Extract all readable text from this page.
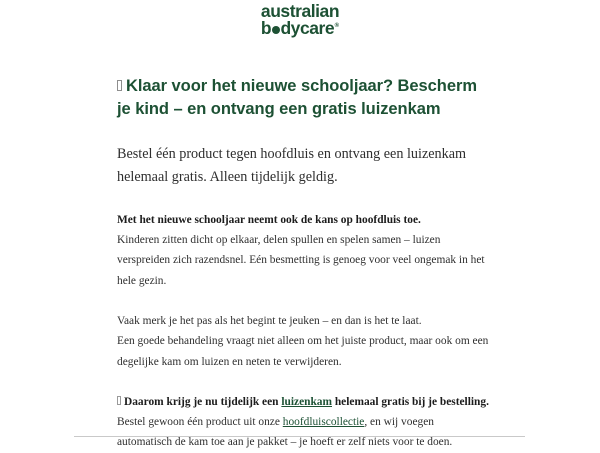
australian
b dycare®
Klaar voor het nieuwe schooljaar? Bescherm je kind – en ontvang een gratis luizenkam

Bestel één product tegen hoofdluis en ontvang een luizenkam helemaal gratis. Alleen tijdelijk geldig.

Met het nieuwe schooljaar neemt ook de kans op hoofdluis toe.

Kinderen zitten dicht op elkaar, delen spullen en spelen samen – luizen verspreiden zich razendsnel. Eén besmetting is genoeg voor veel ongemak in het hele gezin.

Vaak merk je het pas als het begint te jeuken – en dan is het te laat.

Een goede behandeling vraagt niet alleen om het juiste product, maar ook om een degelijke kam om luizen en neten te verwijderen.

Daarom krijg je nu tijdelijk een luizenkam helemaal gratis bij je bestelling.

Bestel gewoon één product uit onze hoofdluiscollectie, en wij voegen automatisch de kam toe aan je pakket – je hoeft er zelf niets voor te doen.
